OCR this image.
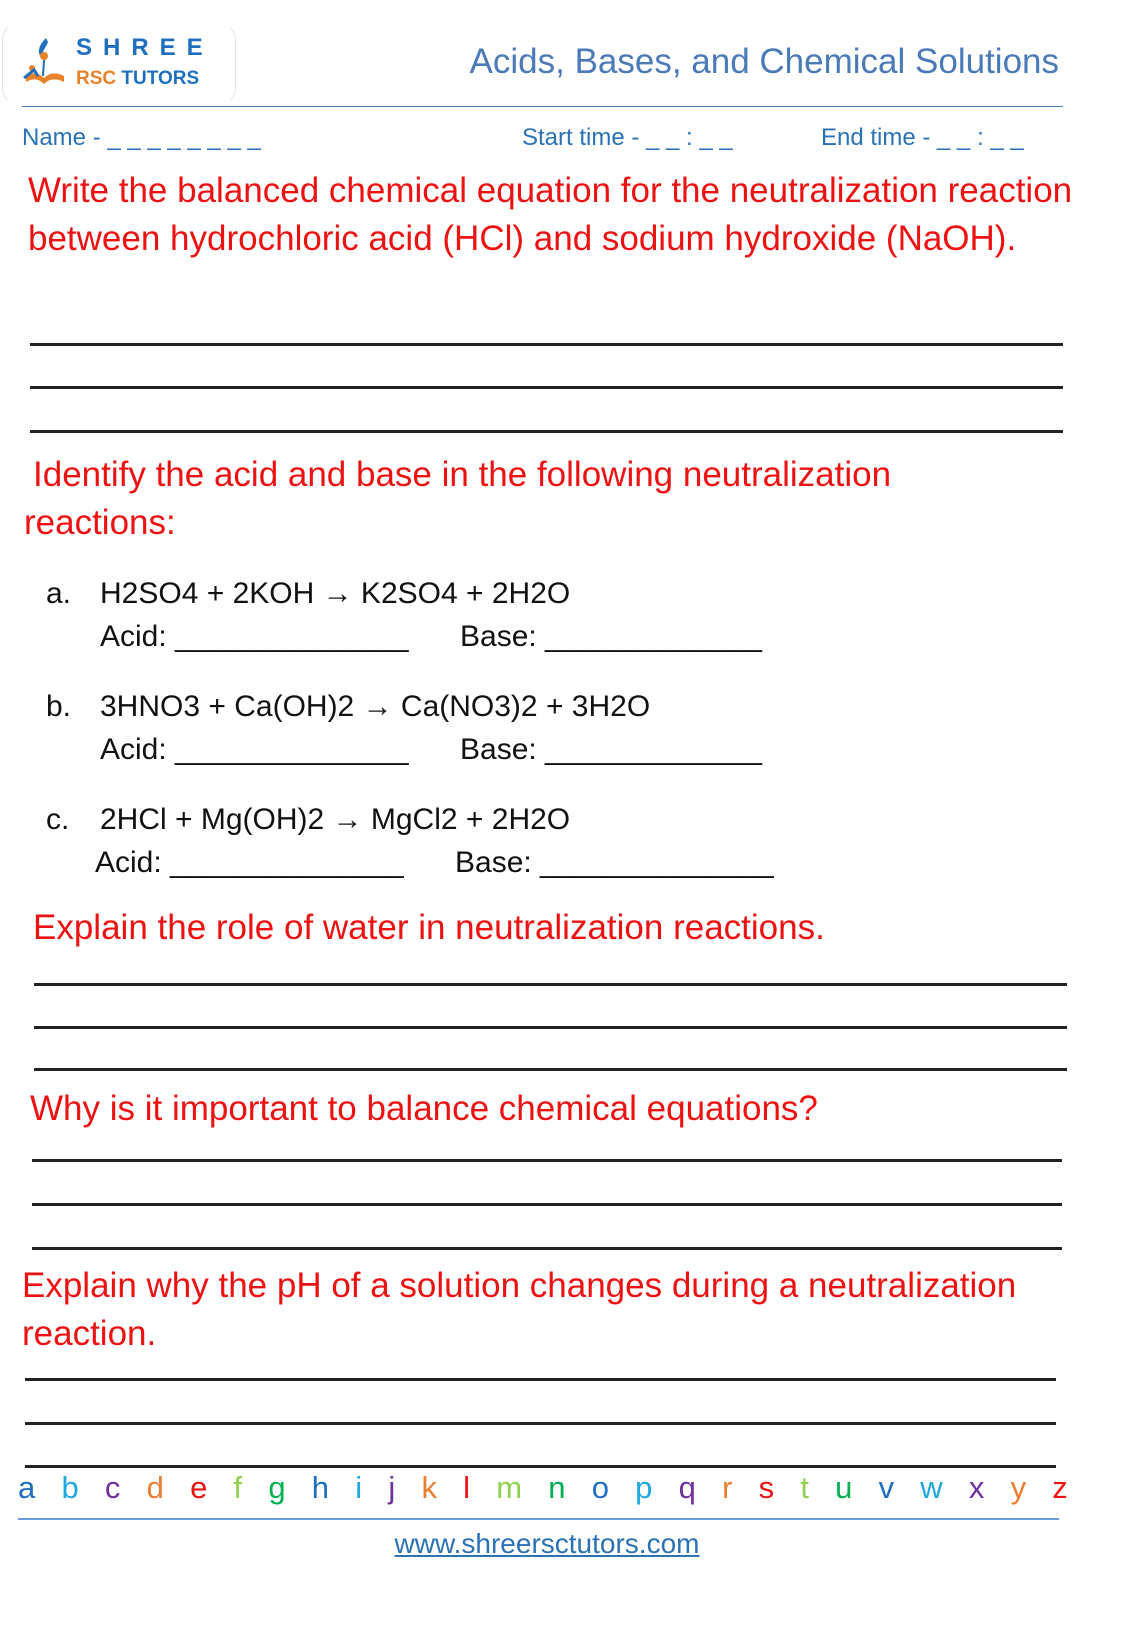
SHREE
RSC TUTORS	Acids, Bases, and Chemical Solutions
Name - _ _ _ _ _ _ _ _	Start time - _ _ : _ _	End time - _ _ : _ _
Write the balanced chemical equation for the neutralization reaction between hydrochloric acid (HCl) and sodium hydroxide (NaOH).
Identify the acid and base in the following neutralization reactions:
a. H2SO4 + 2KOH → K2SO4 + 2H2O
Acid: ______________ Base: _____________
b. 3HNO3 + Ca(OH)2 → Ca(NO3)2 + 3H2O
Acid: ______________ Base: _____________
c. 2HCl + Mg(OH)2 → MgCl2 + 2H2O
Acid: ______________ Base: ______________
Explain the role of water in neutralization reactions.
Why is it important to balance chemical equations?
Explain why the pH of a solution changes during a neutralization reaction.
a b c d e f g h i j k l m n o p q r s t u v w x y z
www.shreersctutors.com
